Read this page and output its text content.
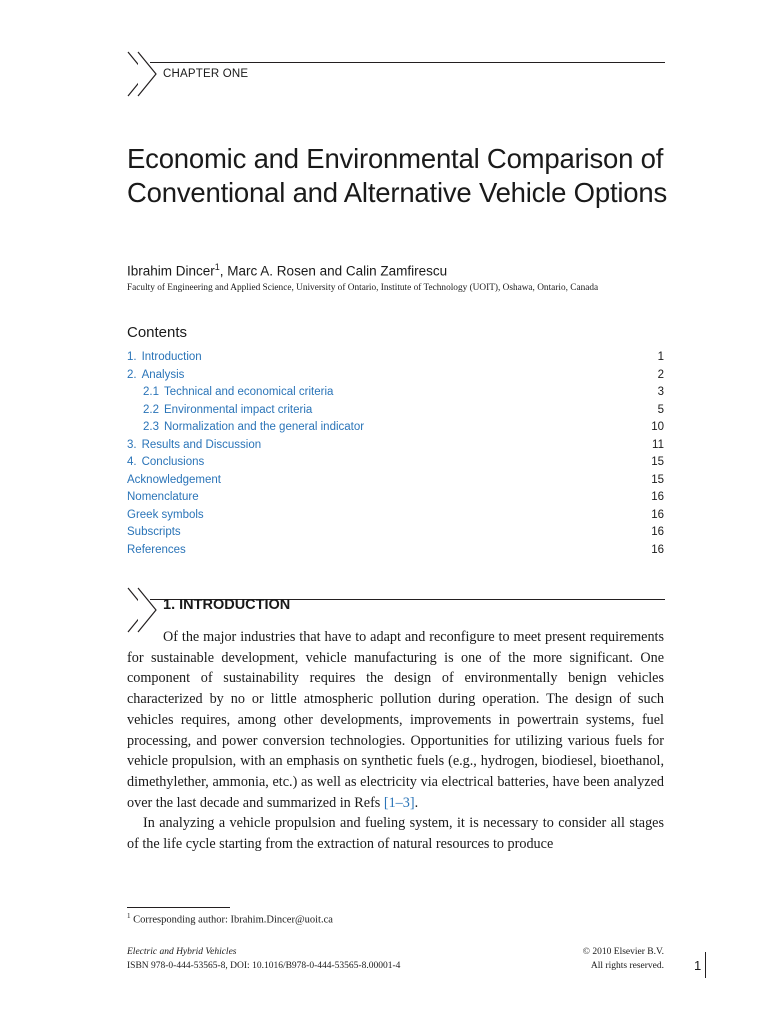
CHAPTER ONE
Economic and Environmental Comparison of Conventional and Alternative Vehicle Options
Ibrahim Dincer$^1$, Marc A. Rosen and Calin Zamfirescu
Faculty of Engineering and Applied Science, University of Ontario, Institute of Technology (UOIT), Oshawa, Ontario, Canada
Contents
1. Introduction	1
2. Analysis	2
2.1 Technical and economical criteria	3
2.2 Environmental impact criteria	5
2.3 Normalization and the general indicator	10
3. Results and Discussion	11
4. Conclusions	15
Acknowledgement	15
Nomenclature	16
Greek symbols	16
Subscripts	16
References	16
1. INTRODUCTION

Of the major industries that have to adapt and reconfigure to meet present requirements for sustainable development, vehicle manufacturing is one of the more significant. One component of sustainability requires the design of environmentally benign vehicles characterized by no or little atmospheric pollution during operation. The design of such vehicles requires, among other developments, improvements in powertrain systems, fuel processing, and power conversion technologies. Opportunities for utilizing various fuels for vehicle propulsion, with an emphasis on synthetic fuels (e.g., hydrogen, biodiesel, bioethanol, dimethylether, ammonia, etc.) as well as electricity via electrical batteries, have been analyzed over the last decade and summarized in Refs [1–3].

In analyzing a vehicle propulsion and fueling system, it is necessary to consider all stages of the life cycle starting from the extraction of natural resources to produce

$^1$ Corresponding author: Ibrahim.Dincer@uoit.ca
Electric and Hybrid Vehicles
ISBN 978-0-444-53565-8, DOI: 10.1016/B978-0-444-53565-8.00001-4
© 2010 Elsevier B.V.
All rights reserved. 1
